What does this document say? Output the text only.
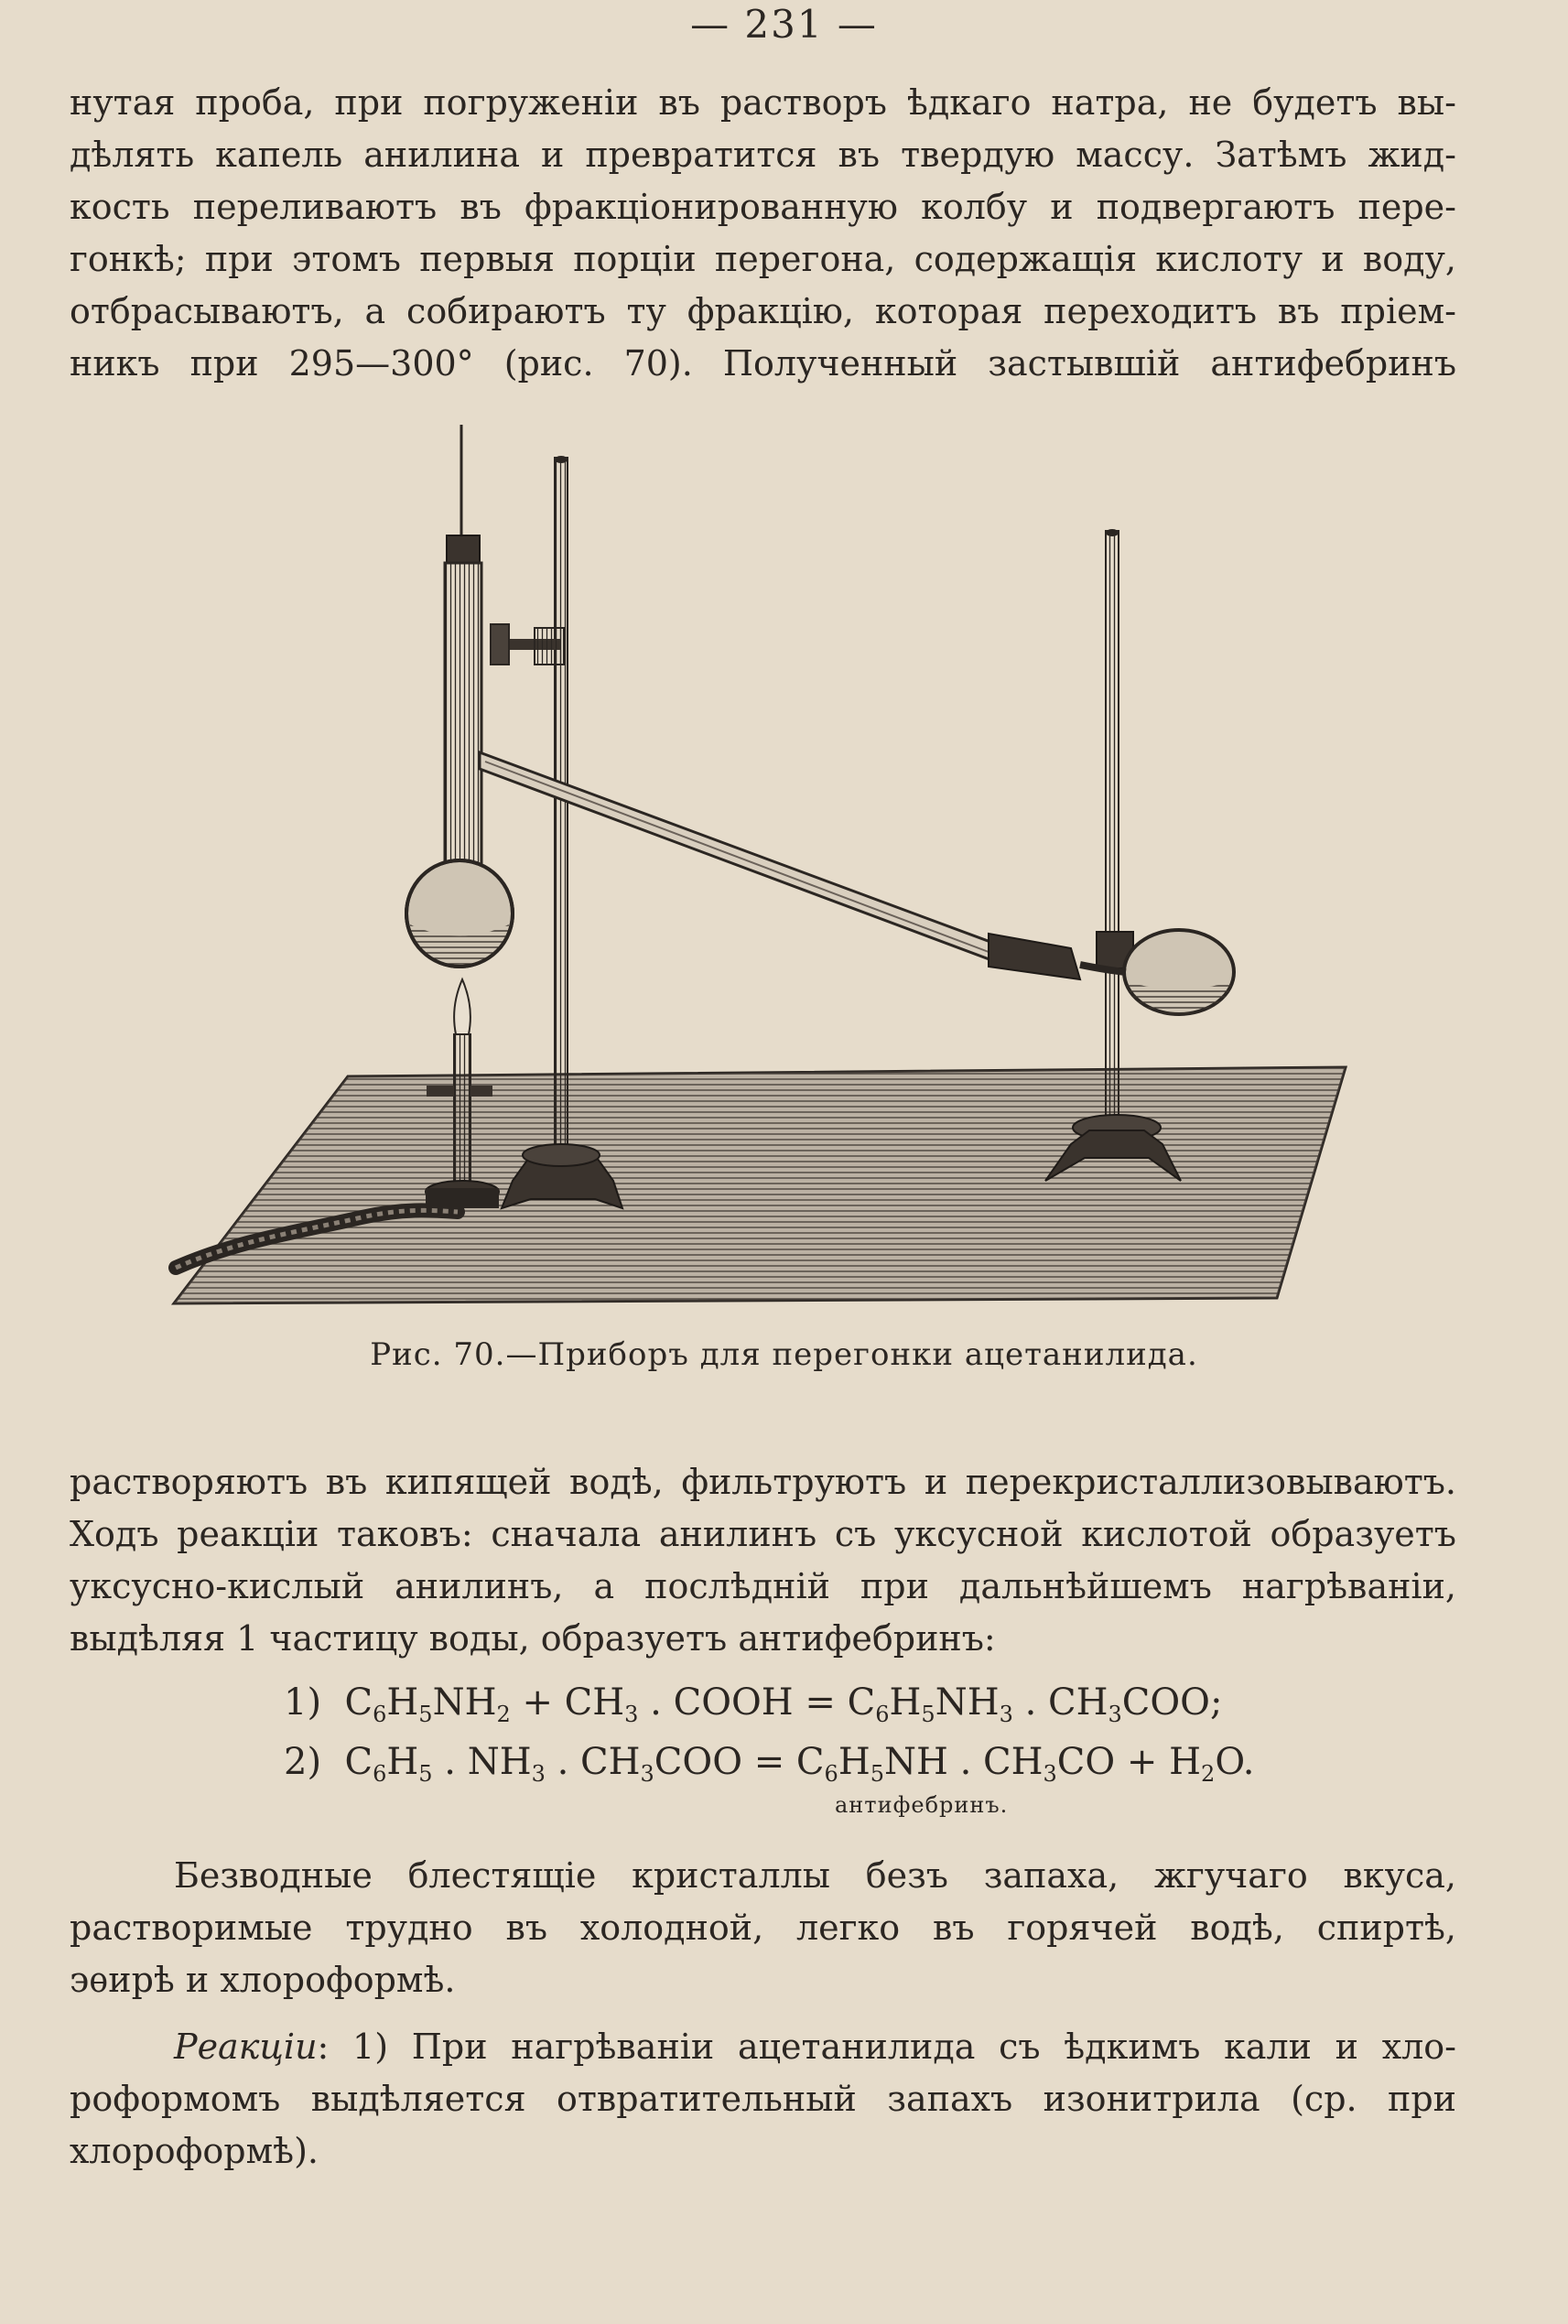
— 231 —
нутая проба, при погруженіи въ растворъ ѣдкаго натра, не будетъ вы-
дѣлять капель анилина и превратится въ твердую массу. Затѣмъ жид-
кость переливаютъ въ фракціонированную колбу и подвергаютъ пере-
гонкѣ; при этомъ первыя порціи перегона, содержащія кислоту и воду,
отбрасываютъ, а собираютъ ту фракцію, которая переходитъ въ пріем-
никъ при 295—300° (рис. 70). Полученный застывшій антифебринъ
Рис. 70.—Приборъ для перегонки ацетанилида.
растворяютъ въ кипящей водѣ, фильтруютъ и перекристаллизовываютъ.
Ходъ реакціи таковъ: сначала анилинъ съ уксусной кислотой образуетъ
уксусно-кислый анилинъ, а послѣдній при дальнѣйшемъ нагрѣваніи,
выдѣляя 1 частицу воды, образуетъ антифебринъ:
1) $C_6H_5NH_2 + CH_3$ . COOH = $C_6H_5NH_3$ . $CH_3COO$;
2) $C_6H_5$ . $NH_3$ . $CH_3COO = C_6H_5NH$ . $CH_3CO + H_2O$.
антифебринъ.
Безводные блестящіе кристаллы безъ запаха, жгучаго вкуса,
растворимые трудно въ холодной, легко въ горячей водѣ, спиртѣ,
эѳирѣ и хлороформѣ.
Реакціи: 1) При нагрѣваніи ацетанилида съ ѣдкимъ кали и хло-
роформомъ выдѣляется отвратительный запахъ изонитрила (ср. при
хлороформѣ).
